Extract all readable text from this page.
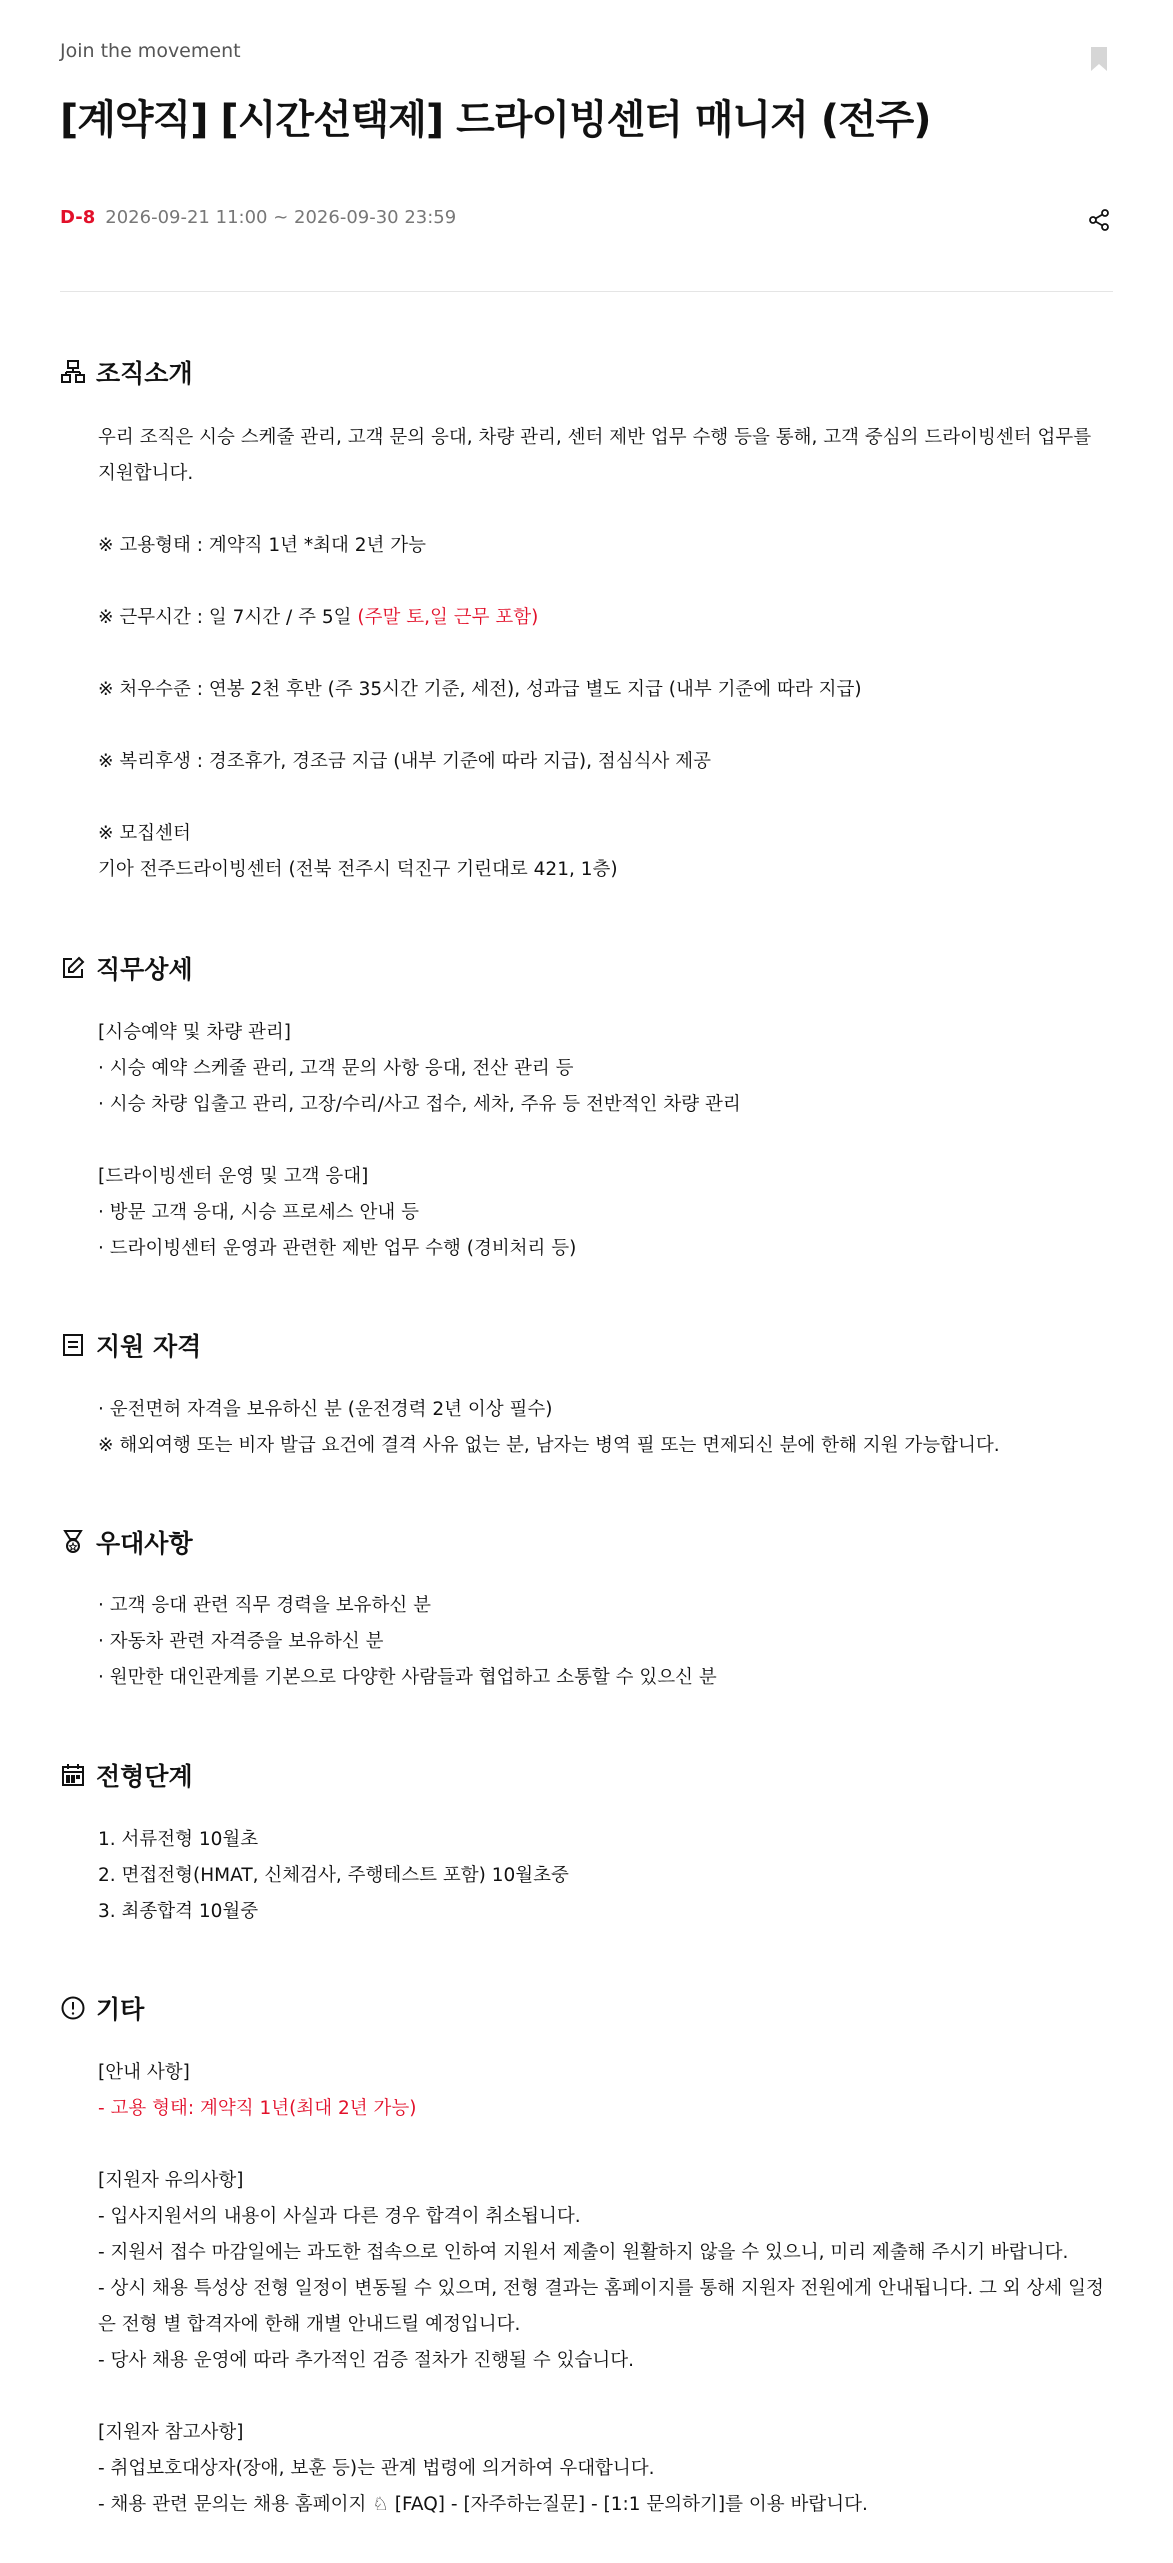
Join the movement
[계약직] [시간선택제] 드라이빙센터 매니저 (전주)
D-8 2026-09-21 11:00 ~ 2026-09-30 23:59
조직소개
우리 조직은 시승 스케줄 관리, 고객 문의 응대, 차량 관리, 센터 제반 업무 수행 등을 통해, 고객 중심의 드라이빙센터 업무를 지원합니다.
※ 고용형태 : 계약직 1년 *최대 2년 가능
※ 근무시간 : 일 7시간 / 주 5일 (주말 토,일 근무 포함)
※ 처우수준 : 연봉 2천 후반 (주 35시간 기준, 세전), 성과급 별도 지급 (내부 기준에 따라 지급)
※ 복리후생 : 경조휴가, 경조금 지급 (내부 기준에 따라 지급), 점심식사 제공
※ 모집센터
기아 전주드라이빙센터 (전북 전주시 덕진구 기린대로 421, 1층)
직무상세
[시승예약 및 차량 관리]
· 시승 예약 스케줄 관리, 고객 문의 사항 응대, 전산 관리 등
· 시승 차량 입출고 관리, 고장/수리/사고 접수, 세차, 주유 등 전반적인 차량 관리
[드라이빙센터 운영 및 고객 응대]
· 방문 고객 응대, 시승 프로세스 안내 등
· 드라이빙센터 운영과 관련한 제반 업무 수행 (경비처리 등)
지원 자격
· 운전면허 자격을 보유하신 분 (운전경력 2년 이상 필수)
※ 해외여행 또는 비자 발급 요건에 결격 사유 없는 분, 남자는 병역 필 또는 면제되신 분에 한해 지원 가능합니다.
우대사항
· 고객 응대 관련 직무 경력을 보유하신 분
· 자동차 관련 자격증을 보유하신 분
· 원만한 대인관계를 기본으로 다양한 사람들과 협업하고 소통할 수 있으신 분
전형단계
1. 서류전형 10월초
2. 면접전형(HMAT, 신체검사, 주행테스트 포함) 10월초중
3. 최종합격 10월중
기타
[안내 사항]
- 고용 형태: 계약직 1년(최대 2년 가능)
[지원자 유의사항]
- 입사지원서의 내용이 사실과 다른 경우 합격이 취소됩니다.
- 지원서 접수 마감일에는 과도한 접속으로 인하여 지원서 제출이 원활하지 않을 수 있으니, 미리 제출해 주시기 바랍니다.
- 상시 채용 특성상 전형 일정이 변동될 수 있으며, 전형 결과는 홈페이지를 통해 지원자 전원에게 안내됩니다. 그 외 상세 일정은 전형 별 합격자에 한해 개별 안내드릴 예정입니다.
- 당사 채용 운영에 따라 추가적인 검증 절차가 진행될 수 있습니다.
[지원자 참고사항]
- 취업보호대상자(장애, 보훈 등)는 관계 법령에 의거하여 우대합니다.
- 채용 관련 문의는 채용 홈페이지 ♘ [FAQ] - [자주하는질문] - [1:1 문의하기]를 이용 바랍니다.
